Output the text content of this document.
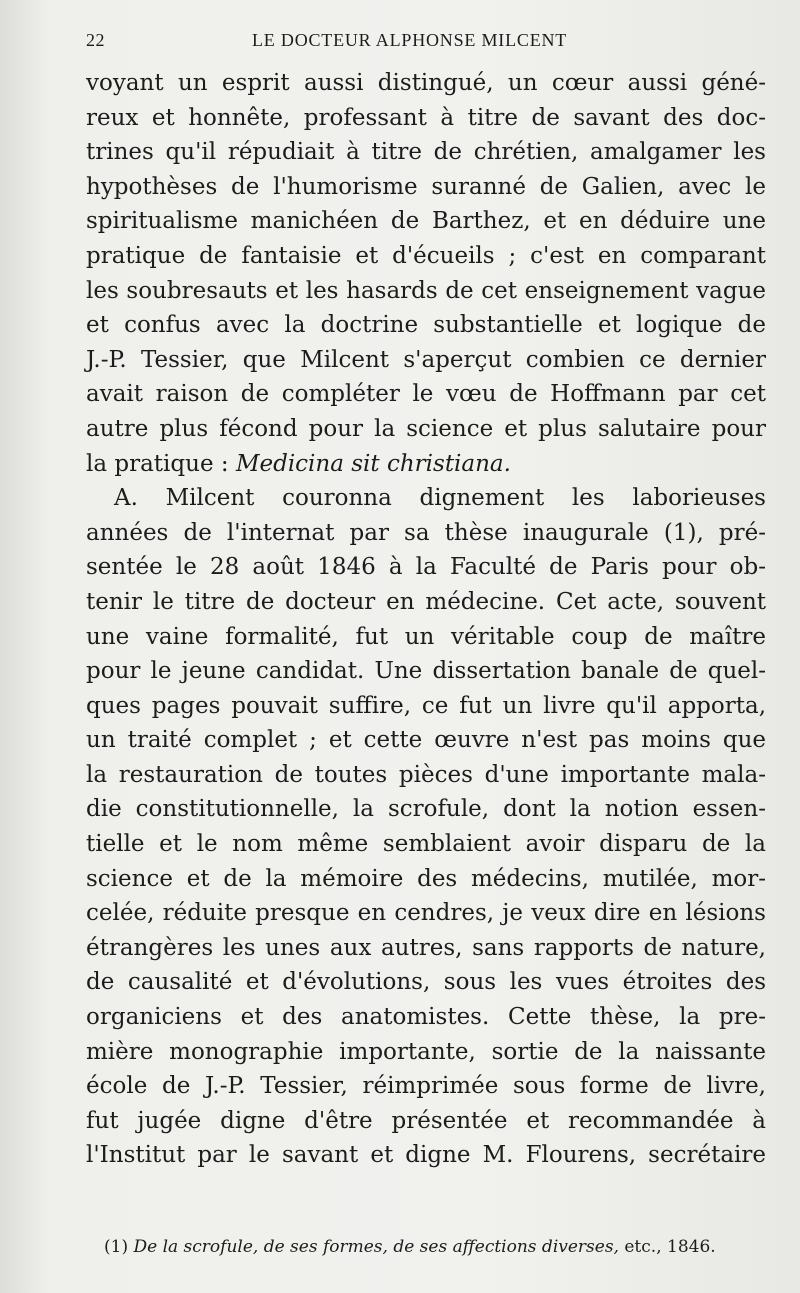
22	LE DOCTEUR ALPHONSE MILCENT
voyant un esprit aussi distingué, un cœur aussi géné-
reux et honnête, professant à titre de savant des doc-
trines qu'il répudiait à titre de chrétien, amalgamer les
hypothèses de l'humorisme suranné de Galien, avec le
spiritualisme manichéen de Barthez, et en déduire une
pratique de fantaisie et d'écueils ; c'est en comparant
les soubresauts et les hasards de cet enseignement vague
et confus avec la doctrine substantielle et logique de
J.-P. Tessier, que Milcent s'aperçut combien ce dernier
avait raison de compléter le vœu de Hoffmann par cet
autre plus fécond pour la science et plus salutaire pour
la pratique : Medicina sit christiana.
A. Milcent couronna dignement les laborieuses
années de l'internat par sa thèse inaugurale (1), pré-
sentée le 28 août 1846 à la Faculté de Paris pour ob-
tenir le titre de docteur en médecine. Cet acte, souvent
une vaine formalité, fut un véritable coup de maître
pour le jeune candidat. Une dissertation banale de quel-
ques pages pouvait suffire, ce fut un livre qu'il apporta,
un traité complet ; et cette œuvre n'est pas moins que
la restauration de toutes pièces d'une importante mala-
die constitutionnelle, la scrofule, dont la notion essen-
tielle et le nom même semblaient avoir disparu de la
science et de la mémoire des médecins, mutilée, mor-
celée, réduite presque en cendres, je veux dire en lésions
étrangères les unes aux autres, sans rapports de nature,
de causalité et d'évolutions, sous les vues étroites des
organiciens et des anatomistes. Cette thèse, la pre-
mière monographie importante, sortie de la naissante
école de J.-P. Tessier, réimprimée sous forme de livre,
fut jugée digne d'être présentée et recommandée à
l'Institut par le savant et digne M. Flourens, secrétaire
(1) De la scrofule, de ses formes, de ses affections diverses, etc., 1846.
